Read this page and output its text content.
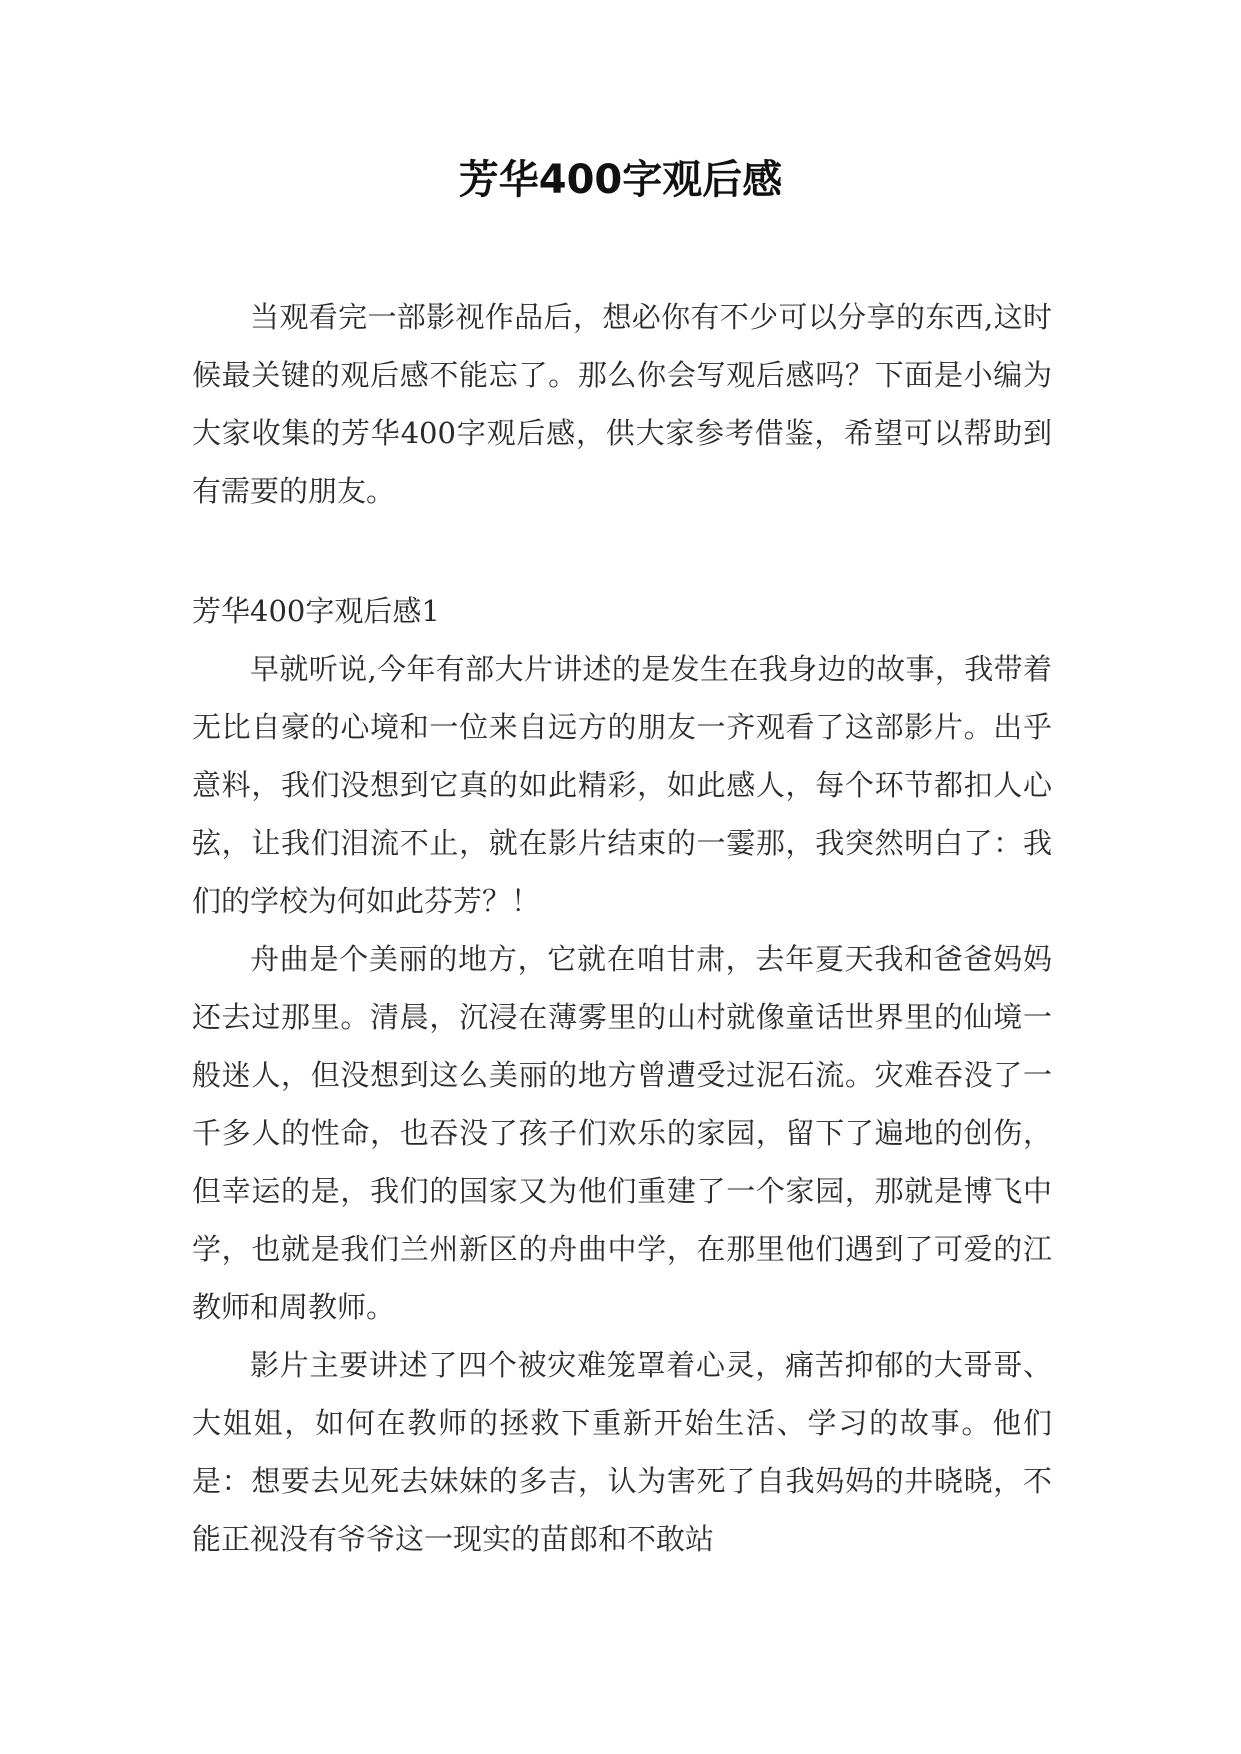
芳华400字观后感

当观看完一部影视作品后，想必你有不少可以分享的东西,这时候最关键的观后感不能忘了。那么你会写观后感吗？下面是小编为大家收集的芳华400字观后感，供大家参考借鉴，希望可以帮助到有需要的朋友。

芳华400字观后感1

早就听说,今年有部大片讲述的是发生在我身边的故事，我带着无比自豪的心境和一位来自远方的朋友一齐观看了这部影片。出乎意料，我们没想到它真的如此精彩，如此感人，每个环节都扣人心弦，让我们泪流不止，就在影片结束的一霎那，我突然明白了：我们的学校为何如此芬芳？！

舟曲是个美丽的地方，它就在咱甘肃，去年夏天我和爸爸妈妈还去过那里。清晨，沉浸在薄雾里的山村就像童话世界里的仙境一般迷人，但没想到这么美丽的地方曾遭受过泥石流。灾难吞没了一千多人的性命，也吞没了孩子们欢乐的家园，留下了遍地的创伤，但幸运的是，我们的国家又为他们重建了一个家园，那就是博飞中学，也就是我们兰州新区的舟曲中学，在那里他们遇到了可爱的江教师和周教师。

影片主要讲述了四个被灾难笼罩着心灵，痛苦抑郁的大哥哥、大姐姐，如何在教师的拯救下重新开始生活、学习的故事。他们是：想要去见死去妹妹的多吉，认为害死了自我妈妈的井晓晓，不能正视没有爷爷这一现实的苗郎和不敢站
